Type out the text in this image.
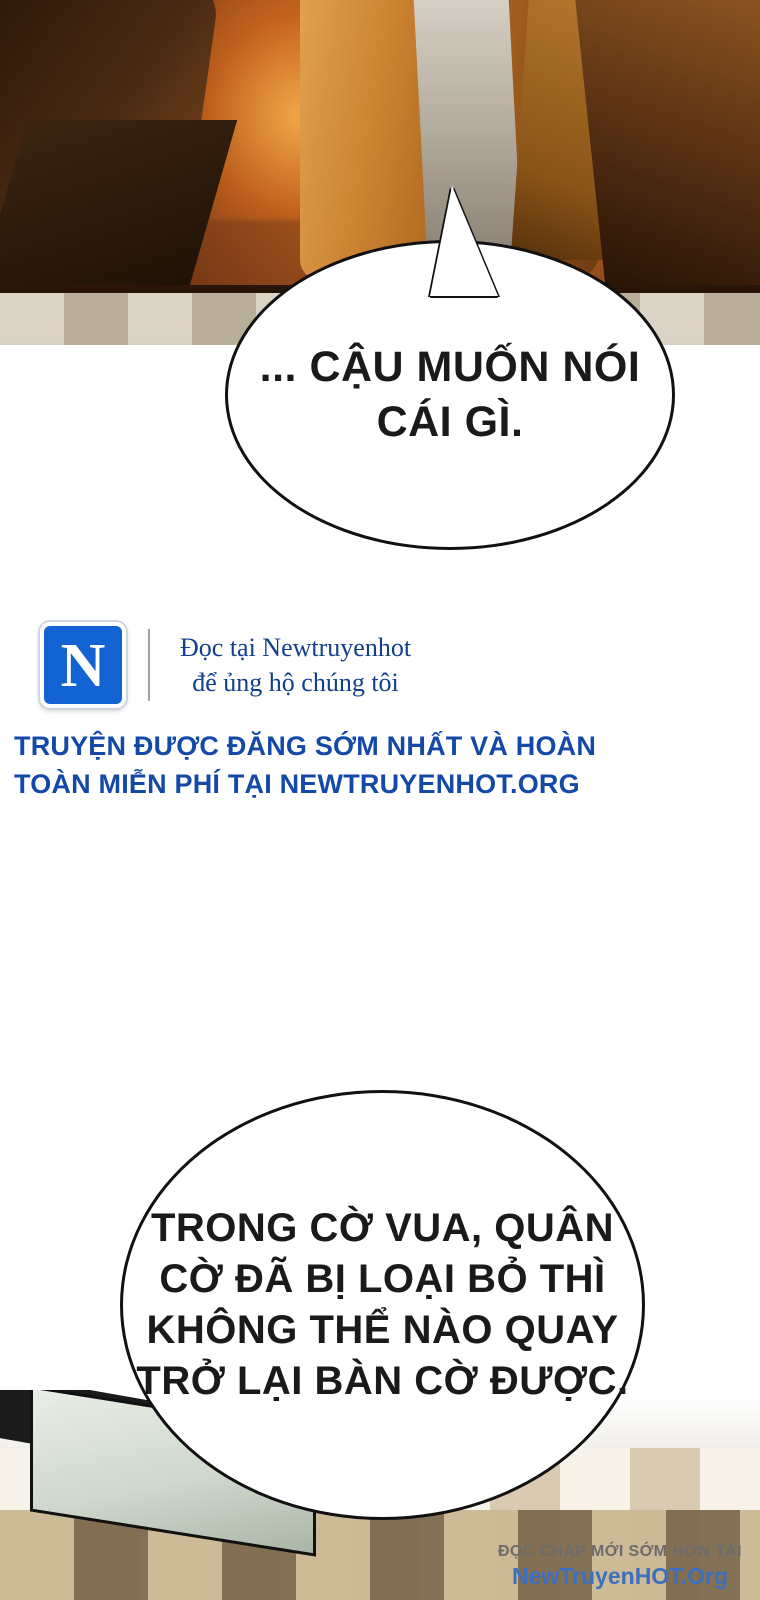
... CẬU MUỐN NÓI CÁI GÌ.

N	Đọc tại Newtruyenhot
để ủng hộ chúng tôi
TRUYỆN ĐƯỢC ĐĂNG SỚM NHẤT VÀ HOÀN
TOÀN MIỄN PHÍ TẠI NEWTRUYENHOT.ORG

TRONG CỜ VUA, QUÂN CỜ ĐÃ BỊ LOẠI BỎ THÌ KHÔNG THỂ NÀO QUAY TRỞ LẠI BÀN CỜ ĐƯỢC.

ĐỌC CHAP MỚI SỚM HƠN TẠI
NewTruyenHOT.Org
